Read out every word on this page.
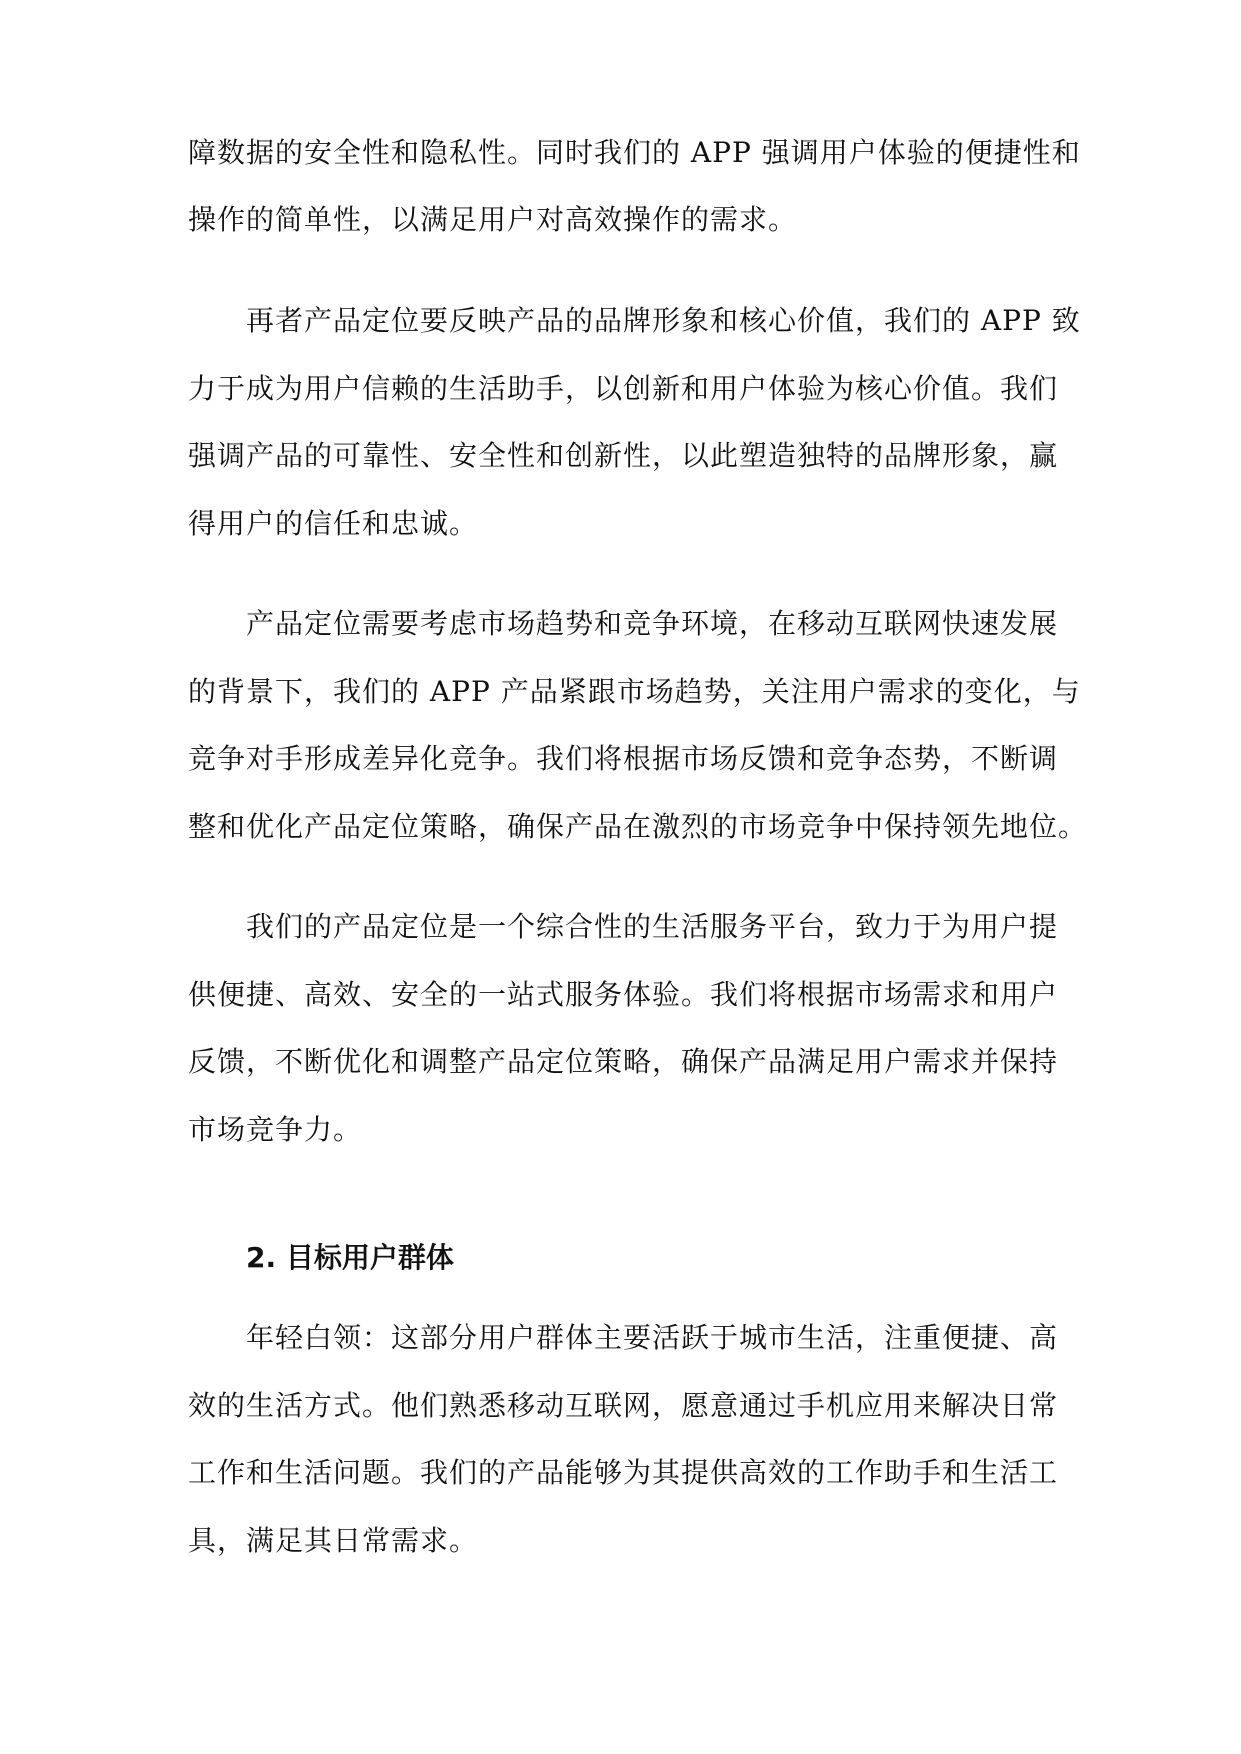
障数据的安全性和隐私性。同时我们的 APP 强调用户体验的便捷性和
操作的简单性，以满足用户对高效操作的需求。
再者产品定位要反映产品的品牌形象和核心价值，我们的 APP 致
力于成为用户信赖的生活助手，以创新和用户体验为核心价值。我们
强调产品的可靠性、安全性和创新性，以此塑造独特的品牌形象，赢
得用户的信任和忠诚。
产品定位需要考虑市场趋势和竞争环境，在移动互联网快速发展
的背景下，我们的 APP 产品紧跟市场趋势，关注用户需求的变化，与
竞争对手形成差异化竞争。我们将根据市场反馈和竞争态势，不断调
整和优化产品定位策略，确保产品在激烈的市场竞争中保持领先地位。
我们的产品定位是一个综合性的生活服务平台，致力于为用户提
供便捷、高效、安全的一站式服务体验。我们将根据市场需求和用户
反馈，不断优化和调整产品定位策略，确保产品满足用户需求并保持
市场竞争力。
2. 目标用户群体
年轻白领：这部分用户群体主要活跃于城市生活，注重便捷、高
效的生活方式。他们熟悉移动互联网，愿意通过手机应用来解决日常
工作和生活问题。我们的产品能够为其提供高效的工作助手和生活工
具，满足其日常需求。
